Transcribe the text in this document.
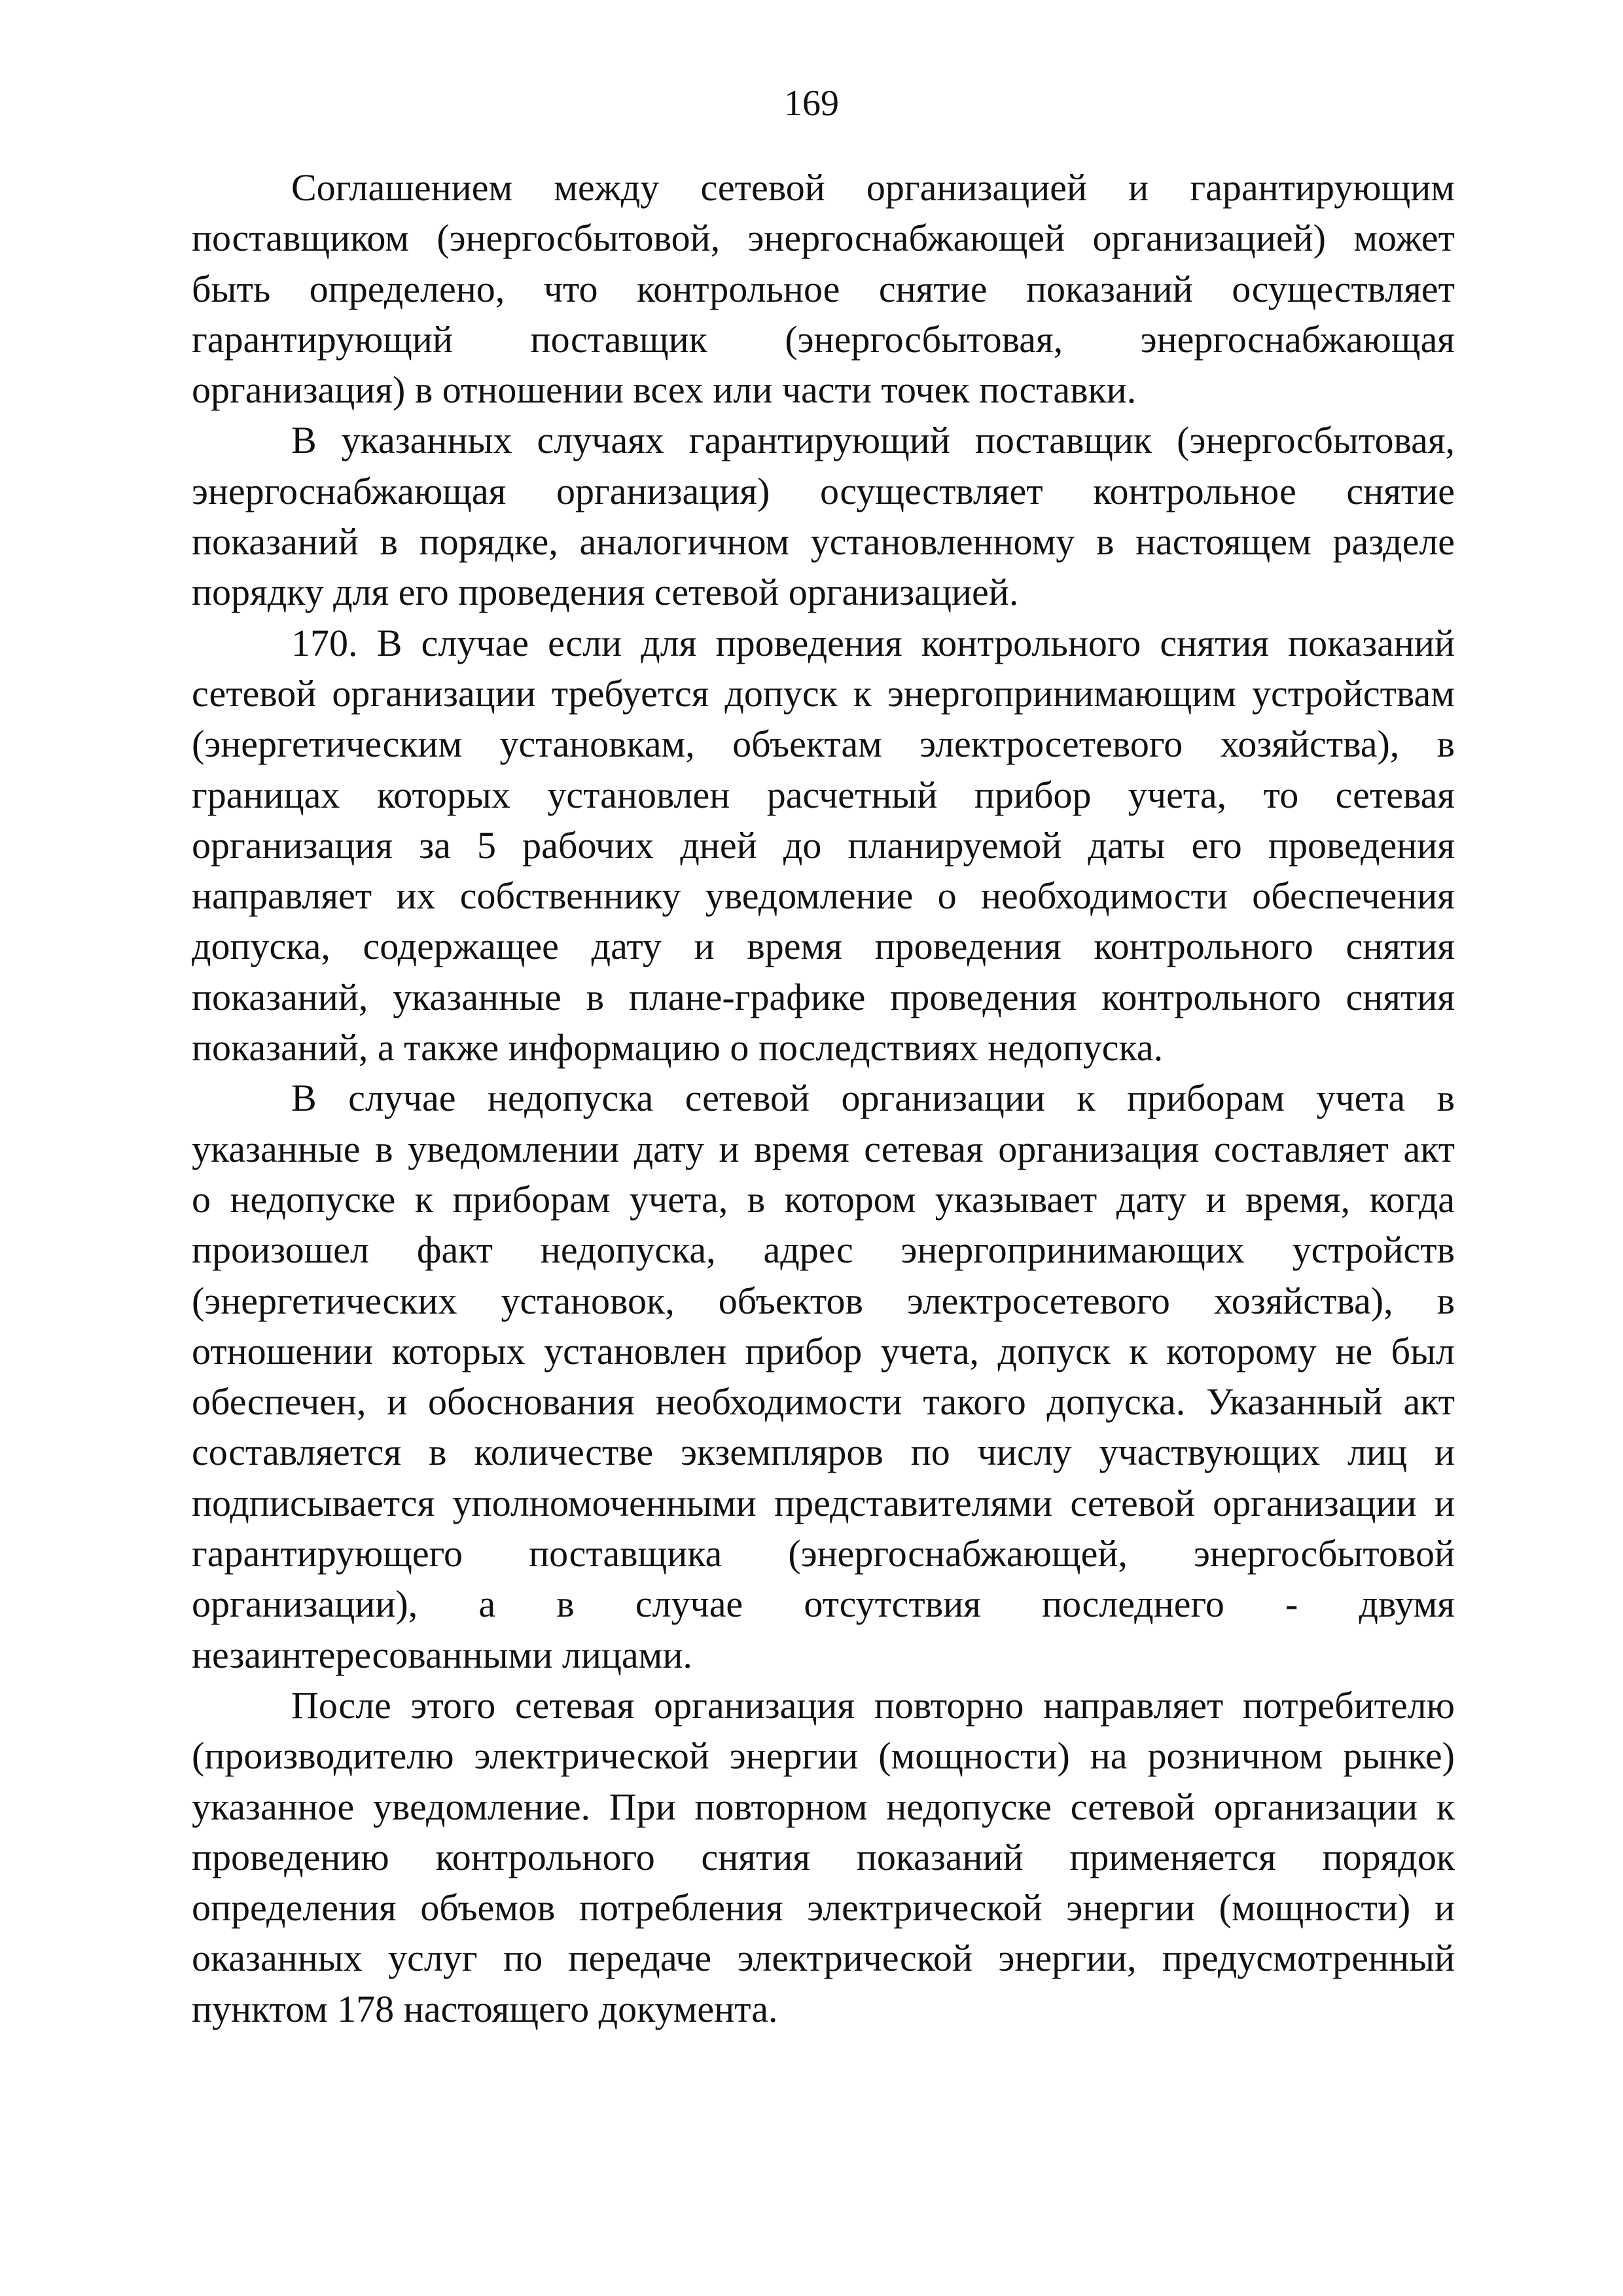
169
Соглашением между сетевой организацией и гарантирующим
поставщиком (энергосбытовой, энергоснабжающей организацией) может
быть определено, что контрольное снятие показаний осуществляет
гарантирующий поставщик (энергосбытовая, энергоснабжающая
организация) в отношении всех или части точек поставки.
В указанных случаях гарантирующий поставщик (энергосбытовая,
энергоснабжающая организация) осуществляет контрольное снятие
показаний в порядке, аналогичном установленному в настоящем разделе
порядку для его проведения сетевой организацией.
170. В случае если для проведения контрольного снятия показаний
сетевой организации требуется допуск к энергопринимающим устройствам
(энергетическим установкам, объектам электросетевого хозяйства), в
границах которых установлен расчетный прибор учета, то сетевая
организация за 5 рабочих дней до планируемой даты его проведения
направляет их собственнику уведомление о необходимости обеспечения
допуска, содержащее дату и время проведения контрольного снятия
показаний, указанные в плане-графике проведения контрольного снятия
показаний, а также информацию о последствиях недопуска.
В случае недопуска сетевой организации к приборам учета в
указанные в уведомлении дату и время сетевая организация составляет акт
о недопуске к приборам учета, в котором указывает дату и время, когда
произошел факт недопуска, адрес энергопринимающих устройств
(энергетических установок, объектов электросетевого хозяйства), в
отношении которых установлен прибор учета, допуск к которому не был
обеспечен, и обоснования необходимости такого допуска. Указанный акт
составляется в количестве экземпляров по числу участвующих лиц и
подписывается уполномоченными представителями сетевой организации и
гарантирующего поставщика (энергоснабжающей, энергосбытовой
организации), а в случае отсутствия последнего - двумя
незаинтересованными лицами.
После этого сетевая организация повторно направляет потребителю
(производителю электрической энергии (мощности) на розничном рынке)
указанное уведомление. При повторном недопуске сетевой организации к
проведению контрольного снятия показаний применяется порядок
определения объемов потребления электрической энергии (мощности) и
оказанных услуг по передаче электрической энергии, предусмотренный
пунктом 178 настоящего документа.
